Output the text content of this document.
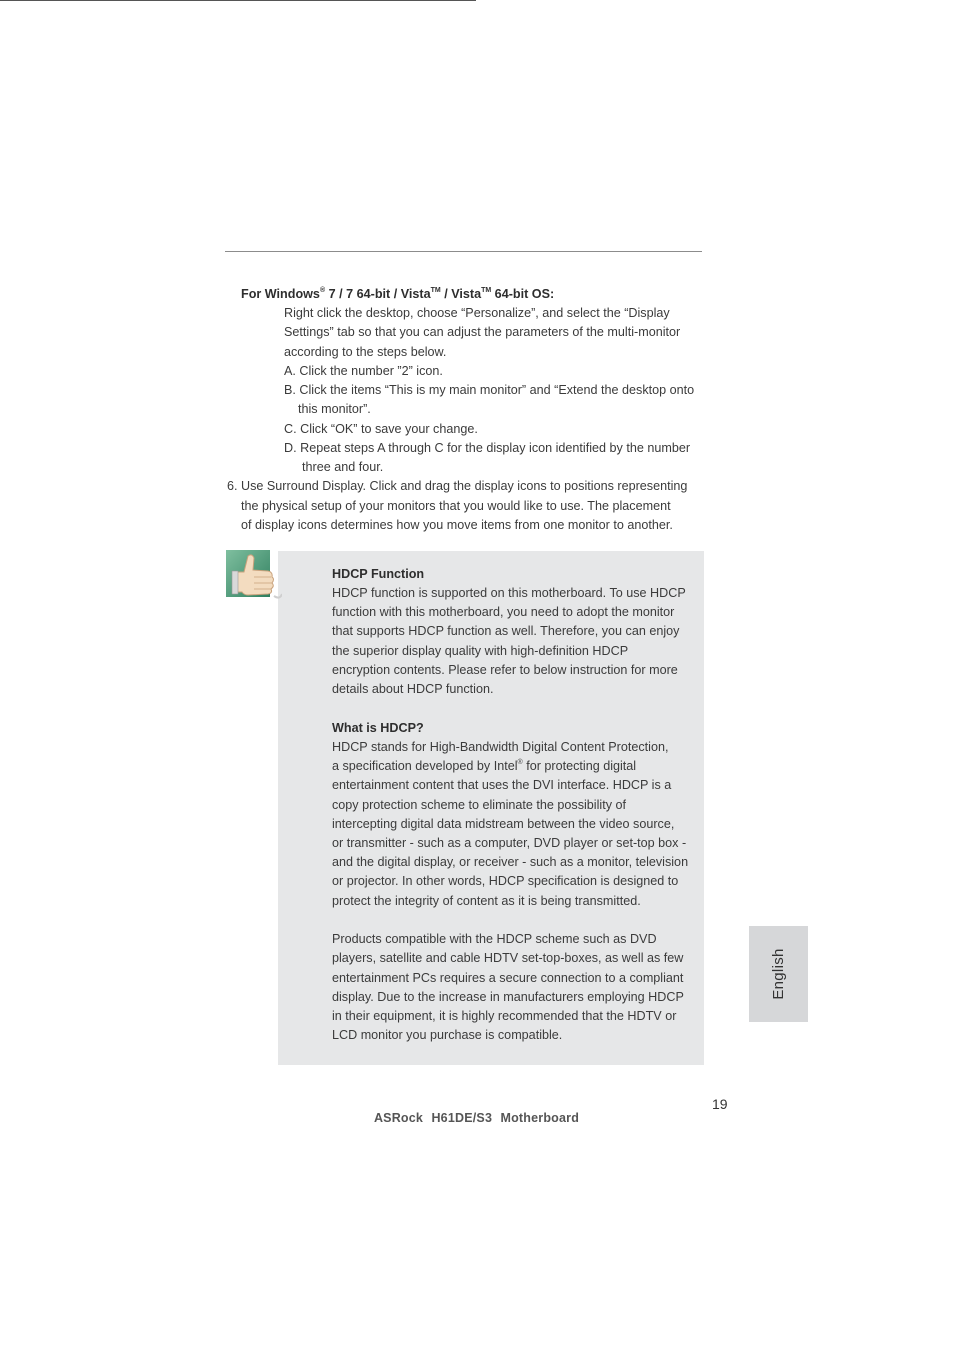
For Windows® 7 / 7 64-bit / Vista™ / Vista™ 64-bit OS:
Right click the desktop, choose “Personalize”, and select the “Display
Settings” tab so that you can adjust the parameters of the multi-monitor
according to the steps below.
A. Click the number ”2” icon.
B. Click the items “This is my main monitor” and “Extend the desktop onto
this monitor”.
C. Click “OK” to save your change.
D. Repeat steps A through C for the display icon identified by the number
three and four.
6. Use Surround Display. Click and drag the display icons to positions representing
the physical setup of your monitors that you would like to use. The placement
of display icons determines how you move items from one monitor to another.
HDCP Function
HDCP function is supported on this motherboard. To use HDCP
function with this motherboard, you need to adopt the monitor
that supports HDCP function as well. Therefore, you can enjoy
the superior display quality with high-definition HDCP
encryption contents. Please refer to below instruction for more
details about HDCP function.
What is HDCP?
HDCP stands for High-Bandwidth Digital Content Protection,
a specification developed by Intel® for protecting digital
entertainment content that uses the DVI interface. HDCP is a
copy protection scheme to eliminate the possibility of
intercepting digital data midstream between the video source,
or transmitter - such as a computer, DVD player or set-top box -
and the digital display, or receiver - such as a monitor, television
or projector. In other words, HDCP specification is designed to
protect the integrity of content as it is being transmitted.
Products compatible with the HDCP scheme such as DVD
players, satellite and cable HDTV set-top-boxes, as well as few
entertainment PCs requires a secure connection to a compliant
display. Due to the increase in manufacturers employing HDCP
in their equipment, it is highly recommended that the HDTV or
LCD monitor you purchase is compatible.
English
19
ASRock H61DE/S3 Motherboard
